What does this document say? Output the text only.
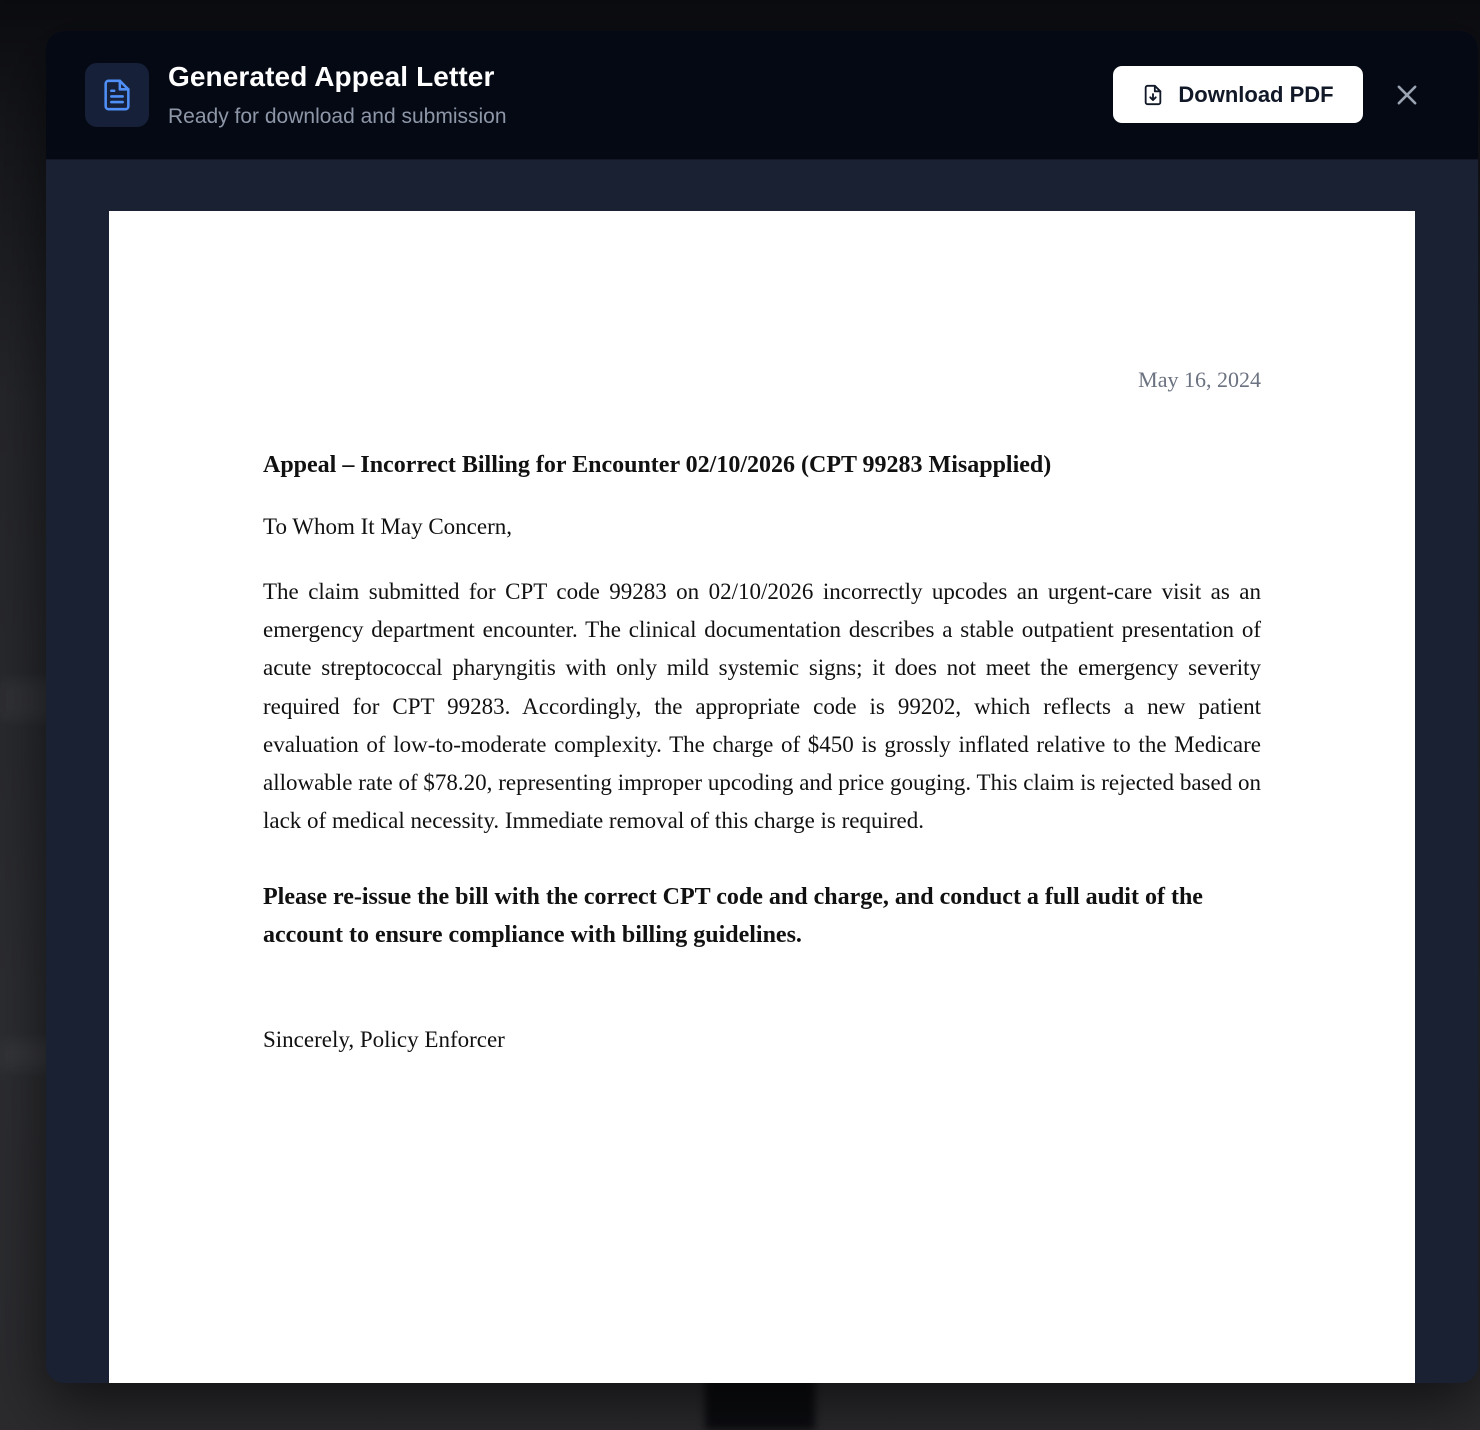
Generated Appeal Letter
Ready for download and submission
Download PDF

May 16, 2024

Appeal – Incorrect Billing for Encounter 02/10/2026 (CPT 99283 Misapplied)

To Whom It May Concern,

The claim submitted for CPT code 99283 on 02/10/2026 incorrectly upcodes an urgent-care visit as an emergency department encounter. The clinical documentation describes a stable outpatient presentation of acute streptococcal pharyngitis with only mild systemic signs; it does not meet the emergency severity required for CPT 99283. Accordingly, the appropriate code is 99202, which reflects a new patient evaluation of low-to-moderate complexity. The charge of $450 is grossly inflated relative to the Medicare allowable rate of $78.20, representing improper upcoding and price gouging. This claim is rejected based on lack of medical necessity. Immediate removal of this charge is required.

Please re-issue the bill with the correct CPT code and charge, and conduct a full audit of the account to ensure compliance with billing guidelines.

Sincerely, Policy Enforcer
